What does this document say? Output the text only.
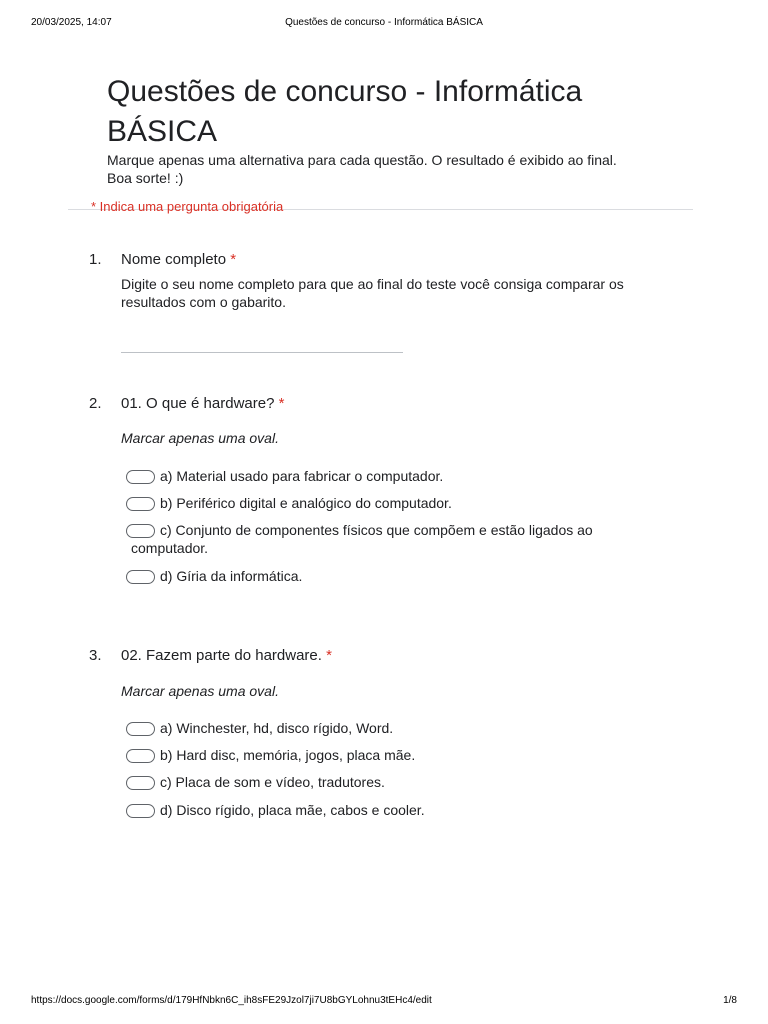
20/03/2025, 14:07	Questões de concurso - Informática BÁSICA
Questões de concurso - Informática BÁSICA
Marque apenas uma alternativa para cada questão. O resultado é exibido ao final.
Boa sorte! :)
* Indica uma pergunta obrigatória
1. Nome completo *

Digite o seu nome completo para que ao final do teste você consiga comparar os resultados com o gabarito.

2. 01. O que é hardware? *
Marcar apenas uma oval.
a) Material usado para fabricar o computador.
b) Periférico digital e analógico do computador.
c) Conjunto de componentes físicos que compõem e estão ligados ao
computador.
d) Gíria da informática.
3. 02. Fazem parte do hardware. *
Marcar apenas uma oval.
a) Winchester, hd, disco rígido, Word.
b) Hard disc, memória, jogos, placa mãe.
c) Placa de som e vídeo, tradutores.
d) Disco rígido, placa mãe, cabos e cooler.
https://docs.google.com/forms/d/179HfNbkn6C_ih8sFE29Jzol7ji7U8bGYLohnu3tEHc4/edit	1/8
